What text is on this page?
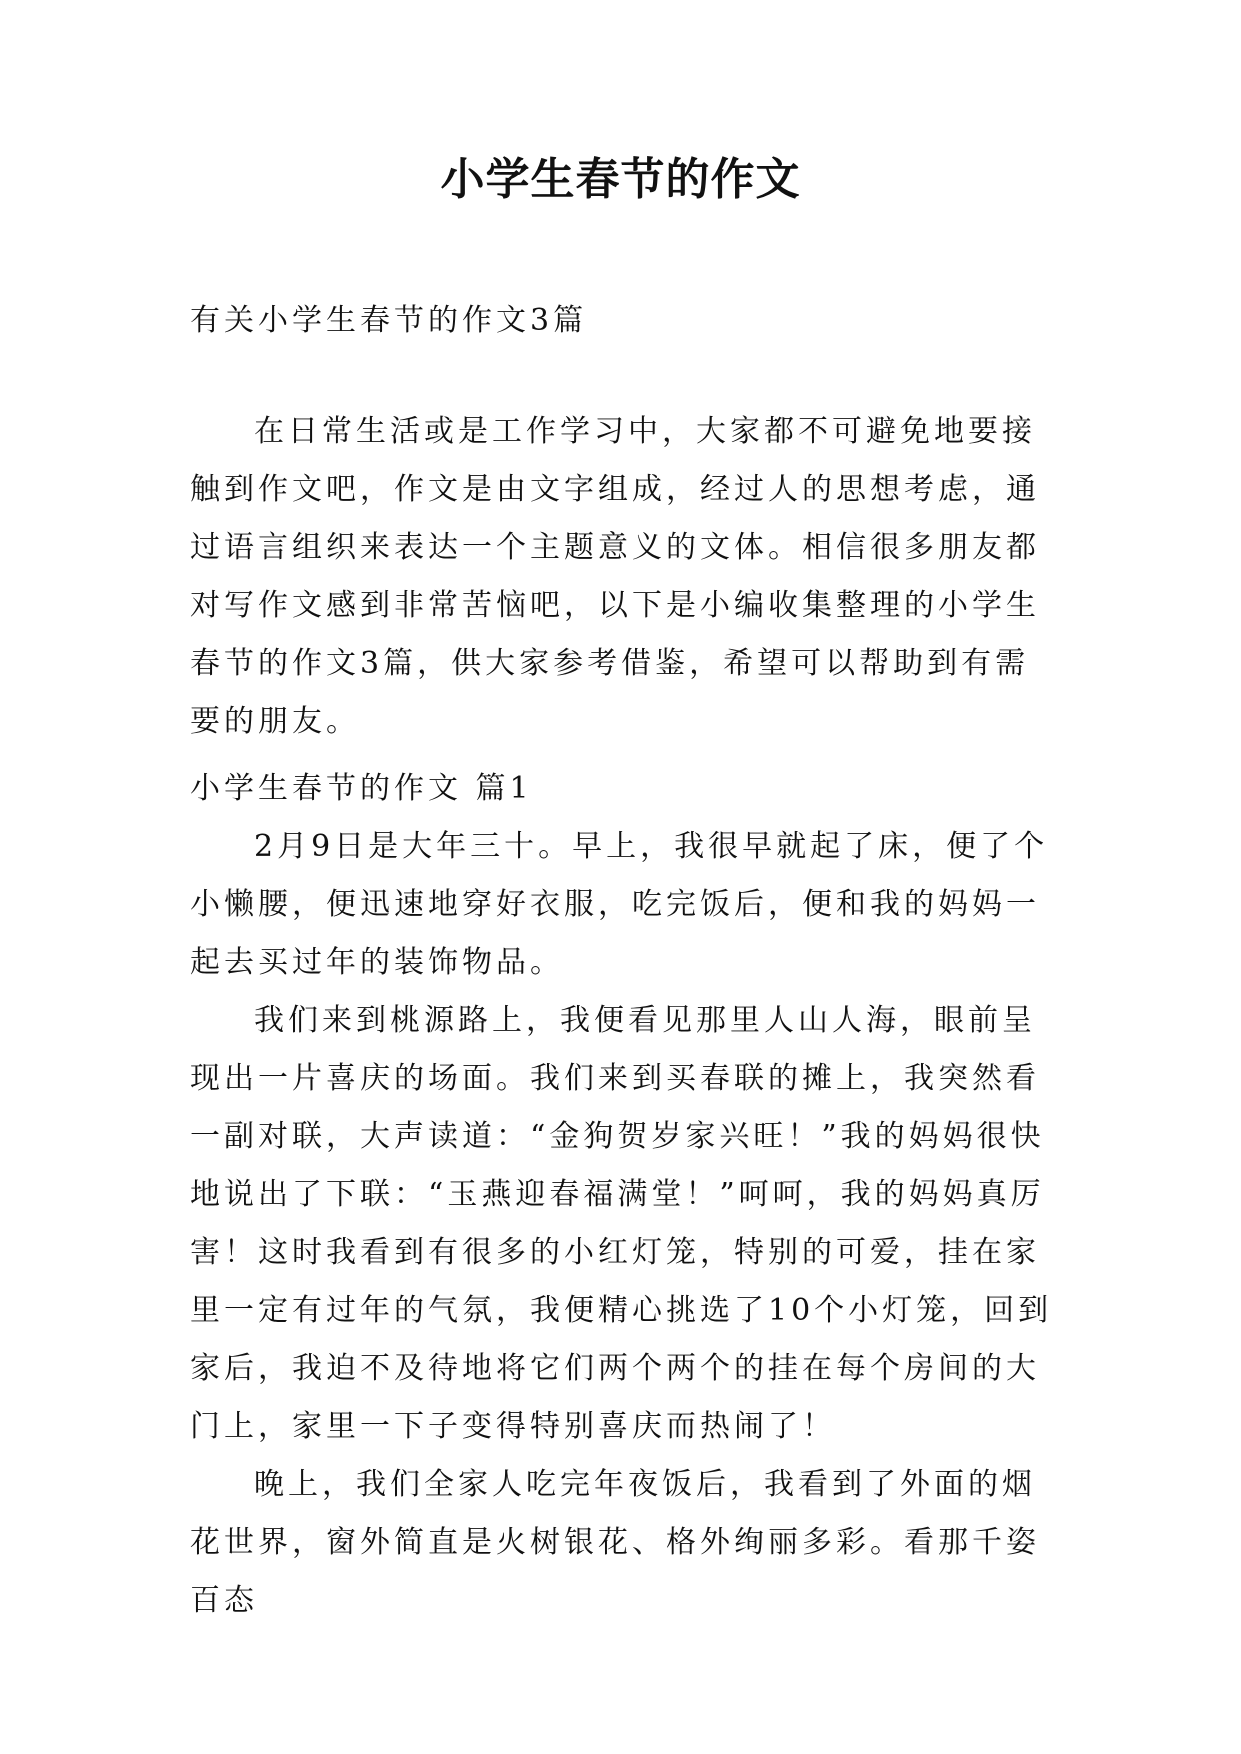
小学生春节的作文

有关小学生春节的作文3篇

在日常生活或是工作学习中，大家都不可避免地要接触到作文吧，作文是由文字组成，经过人的思想考虑，通过语言组织来表达一个主题意义的文体。相信很多朋友都对写作文感到非常苦恼吧，以下是小编收集整理的小学生春节的作文3篇，供大家参考借鉴，希望可以帮助到有需要的朋友。

小学生春节的作文 篇1

2月9日是大年三十。早上，我很早就起了床，便了个小懒腰，便迅速地穿好衣服，吃完饭后，便和我的妈妈一起去买过年的装饰物品。

我们来到桃源路上，我便看见那里人山人海，眼前呈现出一片喜庆的场面。我们来到买春联的摊上，我突然看一副对联，大声读道：“金狗贺岁家兴旺！”我的妈妈很快地说出了下联：“玉燕迎春福满堂！”呵呵，我的妈妈真厉害！这时我看到有很多的小红灯笼，特别的可爱，挂在家里一定有过年的气氛，我便精心挑选了10个小灯笼，回到家后，我迫不及待地将它们两个两个的挂在每个房间的大门上，家里一下子变得特别喜庆而热闹了！

晚上，我们全家人吃完年夜饭后，我看到了外面的烟花世界，窗外简直是火树银花、格外绚丽多彩。看那千姿百态
